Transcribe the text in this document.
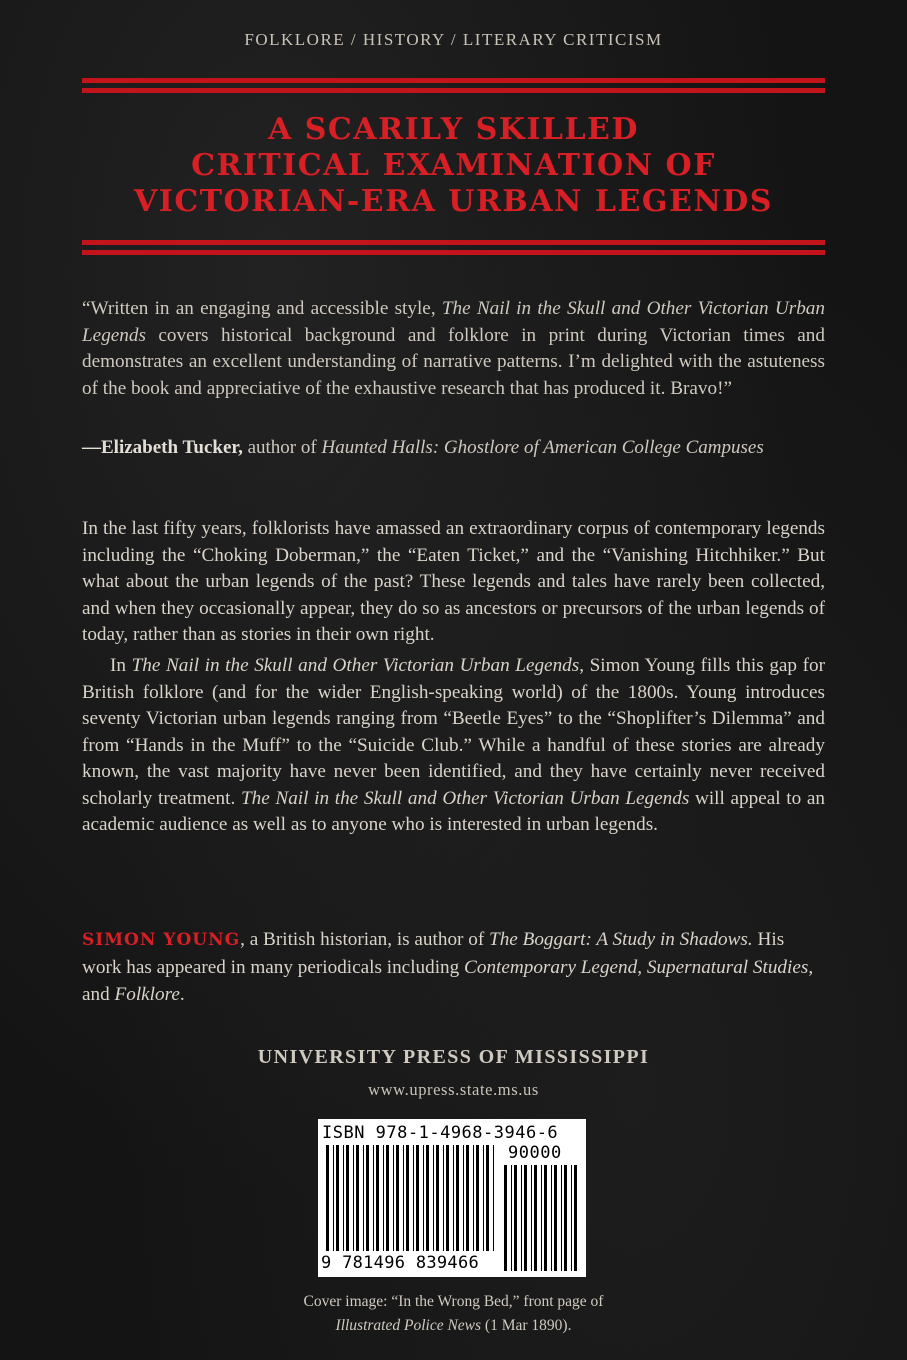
FOLKLORE / HISTORY / LITERARY CRITICISM
A SCARILY SKILLED
CRITICAL EXAMINATION OF
VICTORIAN-ERA URBAN LEGENDS
“Written in an engaging and accessible style, The Nail in the Skull and Other Victorian Urban Legends covers historical background and folklore in print during Victorian times and demonstrates an excellent understanding of narrative patterns. I’m delighted with the astuteness of the book and appreciative of the exhaustive research that has produced it. Bravo!”
—Elizabeth Tucker, author of Haunted Halls: Ghostlore of American College Campuses
In the last fifty years, folklorists have amassed an extraordinary corpus of contemporary legends including the “Choking Doberman,” the “Eaten Ticket,” and the “Vanishing Hitchhiker.” But what about the urban legends of the past? These legends and tales have rarely been collected, and when they occasionally appear, they do so as ancestors or precursors of the urban legends of today, rather than as stories in their own right.
In The Nail in the Skull and Other Victorian Urban Legends, Simon Young fills this gap for British folklore (and for the wider English-speaking world) of the 1800s. Young introduces seventy Victorian urban legends ranging from “Beetle Eyes” to the “Shoplifter’s Dilemma” and from “Hands in the Muff” to the “Suicide Club.” While a handful of these stories are already known, the vast majority have never been identified, and they have certainly never received scholarly treatment. The Nail in the Skull and Other Victorian Urban Legends will appeal to an academic audience as well as to anyone who is interested in urban legends.
SIMON YOUNG, a British historian, is author of The Boggart: A Study in Shadows. His work has appeared in many periodicals including Contemporary Legend, Supernatural Studies, and Folklore.
UNIVERSITY PRESS OF MISSISSIPPI
www.upress.state.ms.us
ISBN 978-1-4968-3946-6
90000
9 781496 839466
Cover image: “In the Wrong Bed,” front page of
Illustrated Police News (1 Mar 1890).
